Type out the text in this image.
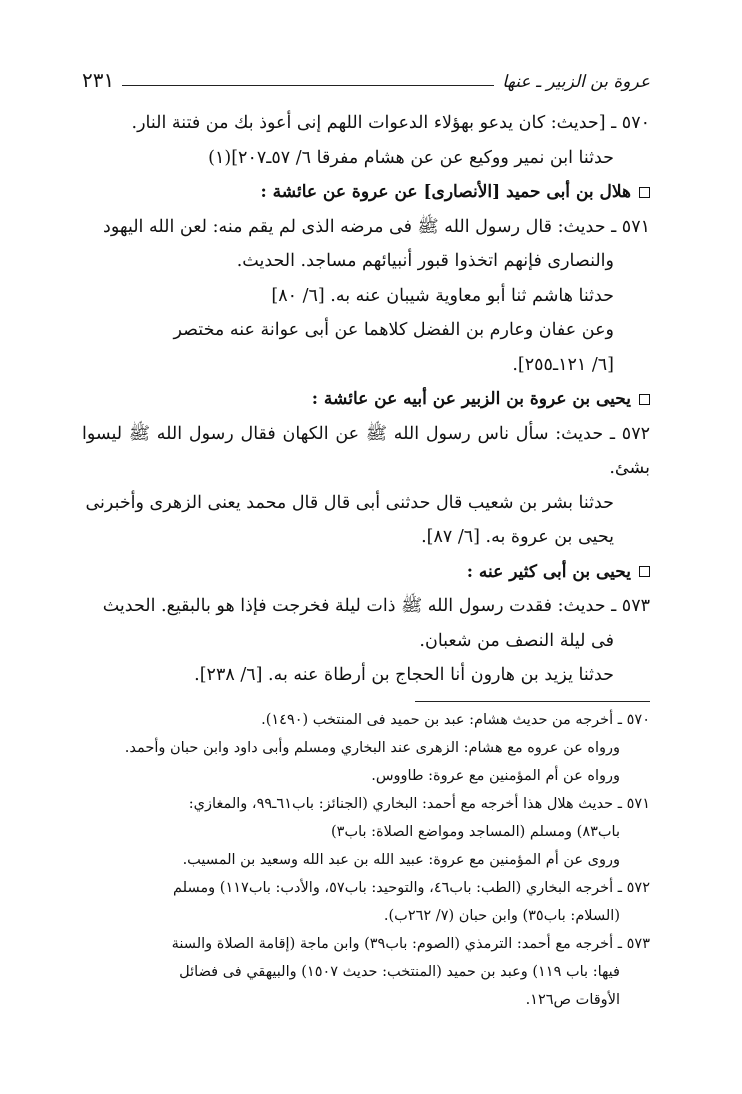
عروة بن الزبير ـ عنها
٢٣١

٥٧٠ ـ [حديث: كان يدعو بهؤلاء الدعوات اللهم إنى أعوذ بك من فتنة النار.

حدثنا ابن نمير ووكيع عن عن هشام مفرقا ٦/ ٥٧ـ٢٠٧](١)

هلال بن أبى حميد [الأنصارى] عن عروة عن عائشة :

٥٧١ ـ حديث: قال رسول الله ﷺ فى مرضه الذى لم يقم منه: لعن الله اليهود

والنصارى فإنهم اتخذوا قبور أنبيائهم مساجد. الحديث.

حدثنا هاشم ثنا أبو معاوية شيبان عنه به. [٦/ ٨٠]

وعن عفان وعارم بن الفضل كلاهما عن أبى عوانة عنه مختصر

[٦/ ١٢١ـ٢٥٥].

يحيى بن عروة بن الزبير عن أبيه عن عائشة :

٥٧٢ ـ حديث: سأل ناس رسول الله ﷺ عن الكهان فقال رسول الله ﷺ ليسوا بشئ.

حدثنا بشر بن شعيب قال حدثنى أبى قال قال محمد يعنى الزهرى وأخبرنى

يحيى بن عروة به. [٦/ ٨٧].

يحيى بن أبى كثير عنه :

٥٧٣ ـ حديث: فقدت رسول الله ﷺ ذات ليلة فخرجت فإذا هو بالبقيع. الحديث

فى ليلة النصف من شعبان.

حدثنا يزيد بن هارون أنا الحجاج بن أرطاة عنه به. [٦/ ٢٣٨].

٥٧٠ ـ أخرجه من حديث هشام: عبد بن حميد فى المنتخب (١٤٩٠).

ورواه عن عروه مع هشام: الزهرى عند البخاري ومسلم وأبى داود وابن حبان وأحمد.

ورواه عن أم المؤمنين مع عروة: طاووس.

٥٧١ ـ حديث هلال هذا أخرجه مع أحمد: البخاري (الجنائز: باب٦١ـ٩٩، والمغازي:

باب٨٣) ومسلم (المساجد ومواضع الصلاة: باب٣)

وروى عن أم المؤمنين مع عروة: عبيد الله بن عبد الله وسعيد بن المسيب.

٥٧٢ ـ أخرجه البخاري (الطب: باب٤٦، والتوحيد: باب٥٧، والأدب: باب١١٧) ومسلم

(السلام: باب٣٥) وابن حبان (٧/ ٢٦٢ب).

٥٧٣ ـ أخرجه مع أحمد: الترمذي (الصوم: باب٣٩) وابن ماجة (إقامة الصلاة والسنة

فيها: باب ١١٩) وعبد بن حميد (المنتخب: حديث ١٥٠٧) والبيهقي فى فضائل

الأوقات ص١٢٦.
